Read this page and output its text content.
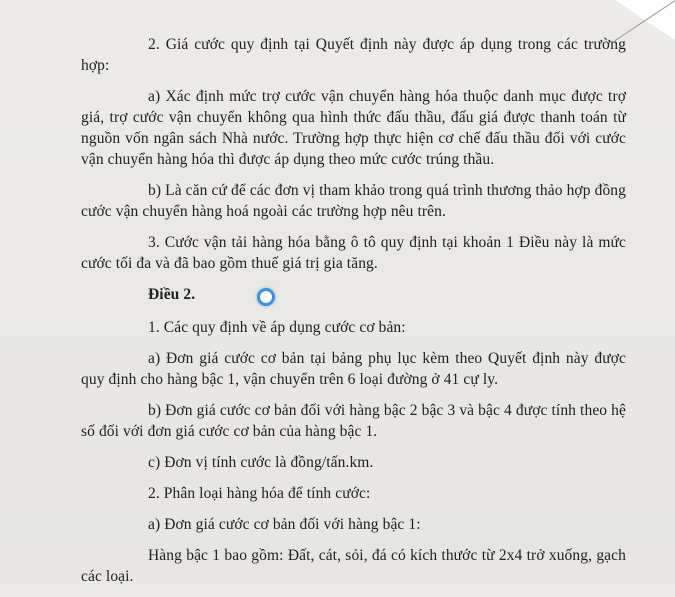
2. Giá cước quy định tại Quyết định này được áp dụng trong các trường hợp:

a) Xác định mức trợ cước vận chuyển hàng hóa thuộc danh mục được trợ giá, trợ cước vận chuyển không qua hình thức đấu thầu, đấu giá được thanh toán từ nguồn vốn ngân sách Nhà nước. Trường hợp thực hiện cơ chế đấu thầu đối với cước vận chuyển hàng hóa thì được áp dụng theo mức cước trúng thầu.

b) Là căn cứ để các đơn vị tham khảo trong quá trình thương thảo hợp đồng cước vận chuyển hàng hoá ngoài các trường hợp nêu trên.

3. Cước vận tải hàng hóa bằng ô tô quy định tại khoản 1 Điều này là mức cước tối đa và đã bao gồm thuế giá trị gia tăng.

Điều 2.

1. Các quy định về áp dụng cước cơ bản:

a) Đơn giá cước cơ bản tại bảng phụ lục kèm theo Quyết định này được quy định cho hàng bậc 1, vận chuyển trên 6 loại đường ở 41 cự ly.

b) Đơn giá cước cơ bản đối với hàng bậc 2 bậc 3 và bậc 4 được tính theo hệ số đối với đơn giá cước cơ bản của hàng bậc 1.

c) Đơn vị tính cước là đồng/tấn.km.

2. Phân loại hàng hóa để tính cước:

a) Đơn giá cước cơ bản đối với hàng bậc 1:

Hàng bậc 1 bao gồm: Đất, cát, sỏi, đá có kích thước từ 2x4 trở xuống, gạch các loại.
